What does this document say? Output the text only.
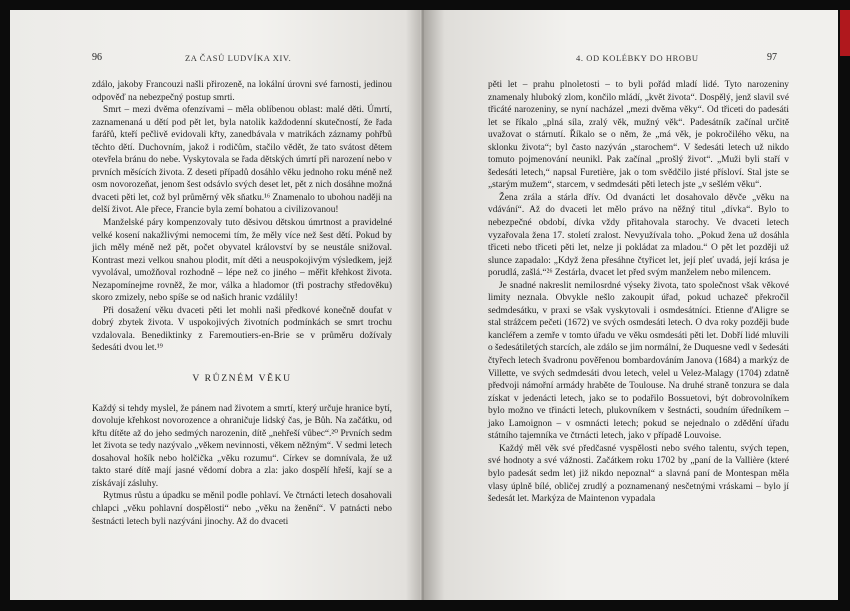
96	ZA ČASŮ LUDVÍKA XIV.

zdálo, jakoby Francouzi našli přirozeně, na lokální úrovni své farnosti, jedinou odpověď na nebezpečný postup smrti.

Smrt – mezi dvěma ofenzívami – měla oblíbenou oblast: malé děti. Úmrtí, zaznamenaná u dětí pod pět let, byla natolik každodenní skutečností, že řada farářů, kteří pečlivě evidovali křty, zanedbávala v matrikách záznamy pohřbů těchto dětí. Duchovním, jakož i rodičům, stačilo vědět, že tato svátost dětem otevřela bránu do nebe. Vyskytovala se řada dětských úmrtí při narození nebo v prvních měsících života. Z deseti případů dosáhlo věku jednoho roku méně než osm novorozeňat, jenom šest odsávlo svých deset let, pět z nich dosáhne možná dvaceti pěti let, což byl průměrný věk sňatku.¹⁶ Znamenalo to ubohou naději na delší život. Ale přece, Francie byla zemí bohatou a civilizovanou!

Manželské páry kompenzovaly tuto děsivou dětskou úmrtnost a pravidelné velké kosení nakažlivými nemocemi tím, že měly více než šest dětí. Pokud by jich měly méně než pět, počet obyvatel království by se neustále snižoval. Kontrast mezi velkou snahou plodit, mít děti a neuspokojivým výsledkem, jejž vyvolával, umožňoval rozhodně – lépe než co jiného – měřit křehkost života. Nezapomínejme rovněž, že mor, válka a hladomor (tři postrachy středověku) skoro zmizely, nebo spíše se od našich hranic vzdálily!

Při dosažení věku dvaceti pěti let mohli naši předkové konečně doufat v dobrý zbytek života. V uspokojivých životních podmínkách se smrt trochu vzdalovala. Benediktinky z Faremoutiers-en-Brie se v průměru dožívaly šedesáti dvou let.¹⁹

V RŮZNÉM VĚKU

Každý si tehdy myslel, že pánem nad životem a smrtí, který určuje hranice bytí, dovoluje křehkost novorozence a ohraničuje lidský čas, je Bůh. Na začátku, od křtu dítěte až do jeho sedmých narozenin, dítě „nehřeší vůbec“.²⁰ Prvních sedm let života se tedy nazývalo „věkem nevinnosti, věkem něžným“. V sedmi letech dosahoval hošík nebo holčička „věku rozumu“. Církev se domnívala, že už takto staré dítě mají jasné vědomí dobra a zla: jako dospělí hřeší, kají se a získávají zásluhy.

Rytmus růstu a úpadku se měnil podle pohlaví. Ve čtrnácti letech dosahovali chlapci „věku pohlavní dospělosti“ nebo „věku na ženění“. V patnácti nebo šestnácti letech byli nazýváni jinochy. Až do dvaceti

4. OD KOLÉBKY DO HROBU	97

pěti let – prahu plnoletosti – to byli pořád mladí lidé. Tyto narozeniny znamenaly hluboký zlom, končilo mládí, „květ života“. Dospělý, jenž slavil své třicáté narozeniny, se nyní nacházel „mezi dvěma věky“. Od třiceti do padesáti let se říkalo „plná síla, zralý věk, mužný věk“. Padesátník začínal určitě uvažovat o stárnutí. Říkalo se o něm, že „má věk, je pokročilého věku, na sklonku života“; byl často nazýván „starochem“. V šedesáti letech už nikdo tomuto pojmenování neunikl. Pak začínal „prošlý život“. „Muži byli staří v šedesáti letech,“ napsal Furetière, jak o tom svědčilo jisté přísloví. Stal jste se „starým mužem“, starcem, v sedmdesáti pěti letech jste „v sešlém věku“.

Žena zrála a stárla dřív. Od dvanácti let dosahovalo děvče „věku na vdávání“. Až do dvaceti let mělo právo na něžný titul „dívka“. Bylo to nebezpečné období, dívka vždy přitahovala starochy. Ve dvaceti letech vyzařovala žena 17. století zralost. Nevyužívala toho. „Pokud žena už dosáhla třiceti nebo třiceti pěti let, nelze ji pokládat za mladou.“ O pět let později už slunce zapadalo: „Když žena přesáhne čtyřicet let, její pleť uvadá, její krása je porudlá, zašlá.“²⁶ Zestárla, dvacet let před svým manželem nebo milencem.

Je snadné nakreslit nemilosrdné výseky života, tato společnost však věkové limity neznala. Obvykle nešlo zakoupit úřad, pokud uchazeč překročil sedmdesátku, v praxi se však vyskytovali i osmdesátníci. Etienne d'Aligre se stal strážcem pečeti (1672) ve svých osmdesáti letech. O dva roky později bude kancléřem a zemře v tomto úřadu ve věku osmdesáti pěti let. Dobří lidé mluvili o šedesátiletých starcích, ale zdálo se jim normální, že Duquesne vedl v šedesáti čtyřech letech švadronu pověřenou bombardováním Janova (1684) a markýz de Villette, ve svých sedmdesáti dvou letech, velel u Velez-Malagy (1704) zdatně předvoji námořní armády hraběte de Toulouse. Na druhé straně tonzura se dala získat v jedenácti letech, jako se to podařilo Bossuetovi, být dobrovolníkem bylo možno ve třinácti letech, plukovníkem v šestnácti, soudním úředníkem – jako Lamoignon – v osmnácti letech; pokud se nejednalo o zdědění úřadu státního tajemníka ve čtrnácti letech, jako v případě Louvoise.

Každý měl věk své předčasné vyspělosti nebo svého talentu, svých tepen, své hodnoty a své vážnosti. Začátkem roku 1702 by „paní de la Vallière (které bylo padesát sedm let) již nikdo nepoznal“ a slavná paní de Montespan měla vlasy úplně bílé, obličej zrudlý a poznamenaný nesčetnými vráskami – bylo jí šedesát let. Markýza de Maintenon vypadala
